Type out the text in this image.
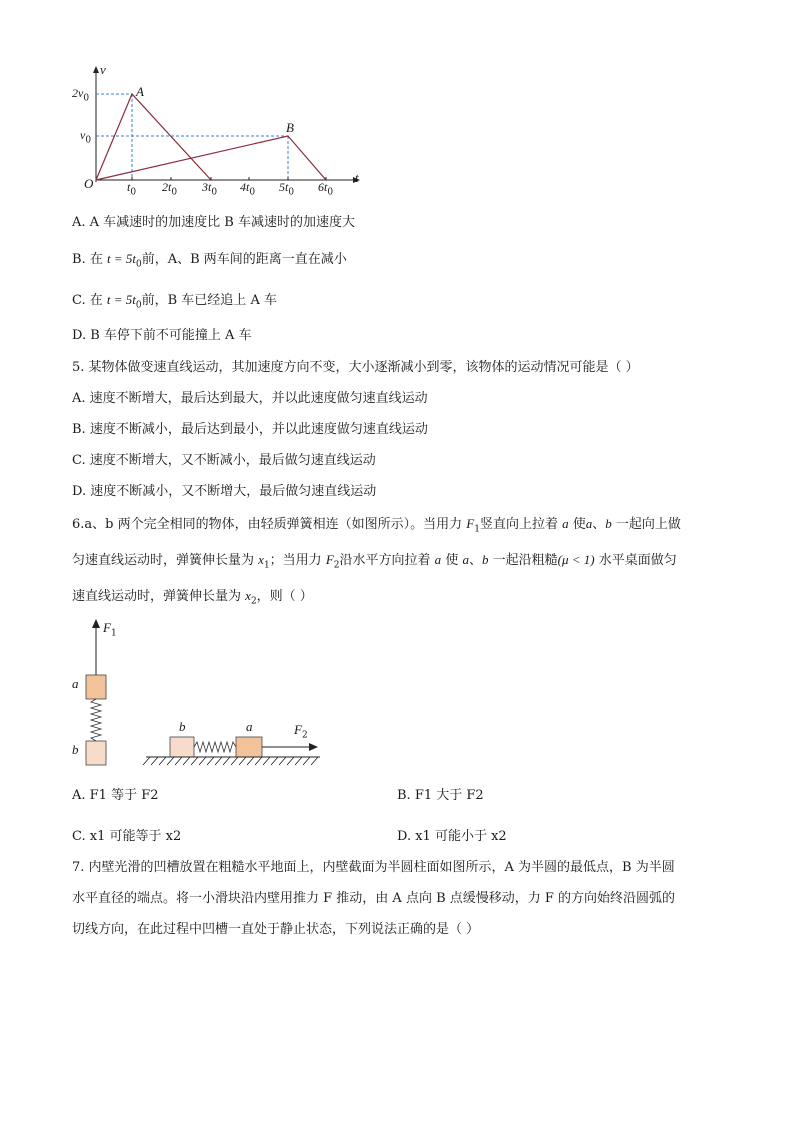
v
t
O
A
B
$2v_0$
$v_0$
$t_0$ $2t_0$ $3t_0$ $4t_0$ $5t_0$ $6t_0$
A. A 车减速时的加速度比 B 车减速时的加速度大
B. 在 $t = 5t_0$前，A、B 两车间的距离一直在减小
C. 在 $t = 5t_0$前，B 车已经追上 A 车
D. B 车停下前不可能撞上 A 车
5. 某物体做变速直线运动，其加速度方向不变，大小逐渐减小到零，该物体的运动情况可能是（ ）
A. 速度不断增大，最后达到最大，并以此速度做匀速直线运动
B. 速度不断减小，最后达到最小，并以此速度做匀速直线运动
C. 速度不断增大，又不断减小，最后做匀速直线运动
D. 速度不断减小，又不断增大，最后做匀速直线运动
6.a、b 两个完全相同的物体，由轻质弹簧相连（如图所示）。当用力 $F_1$竖直向上拉着 a 使a、b 一起向上做
匀速直线运动时，弹簧伸长量为 $x_1$；当用力 $F_2$沿水平方向拉着 a 使 a、b 一起沿粗糙(μ < 1) 水平桌面做匀
速直线运动时，弹簧伸长量为 $x_2$，则（ ）
$F_1$
a
b
b	a	$F_2$
A. F1 等于 F2	B. F1 大于 F2
C. x1 可能等于 x2	D. x1 可能小于 x2
7. 内壁光滑的凹槽放置在粗糙水平地面上，内壁截面为半圆柱面如图所示，A 为半圆的最低点，B 为半圆
水平直径的端点。将一小滑块沿内壁用推力 F 推动，由 A 点向 B 点缓慢移动，力 F 的方向始终沿圆弧的
切线方向，在此过程中凹槽一直处于静止状态，下列说法正确的是（ ）
